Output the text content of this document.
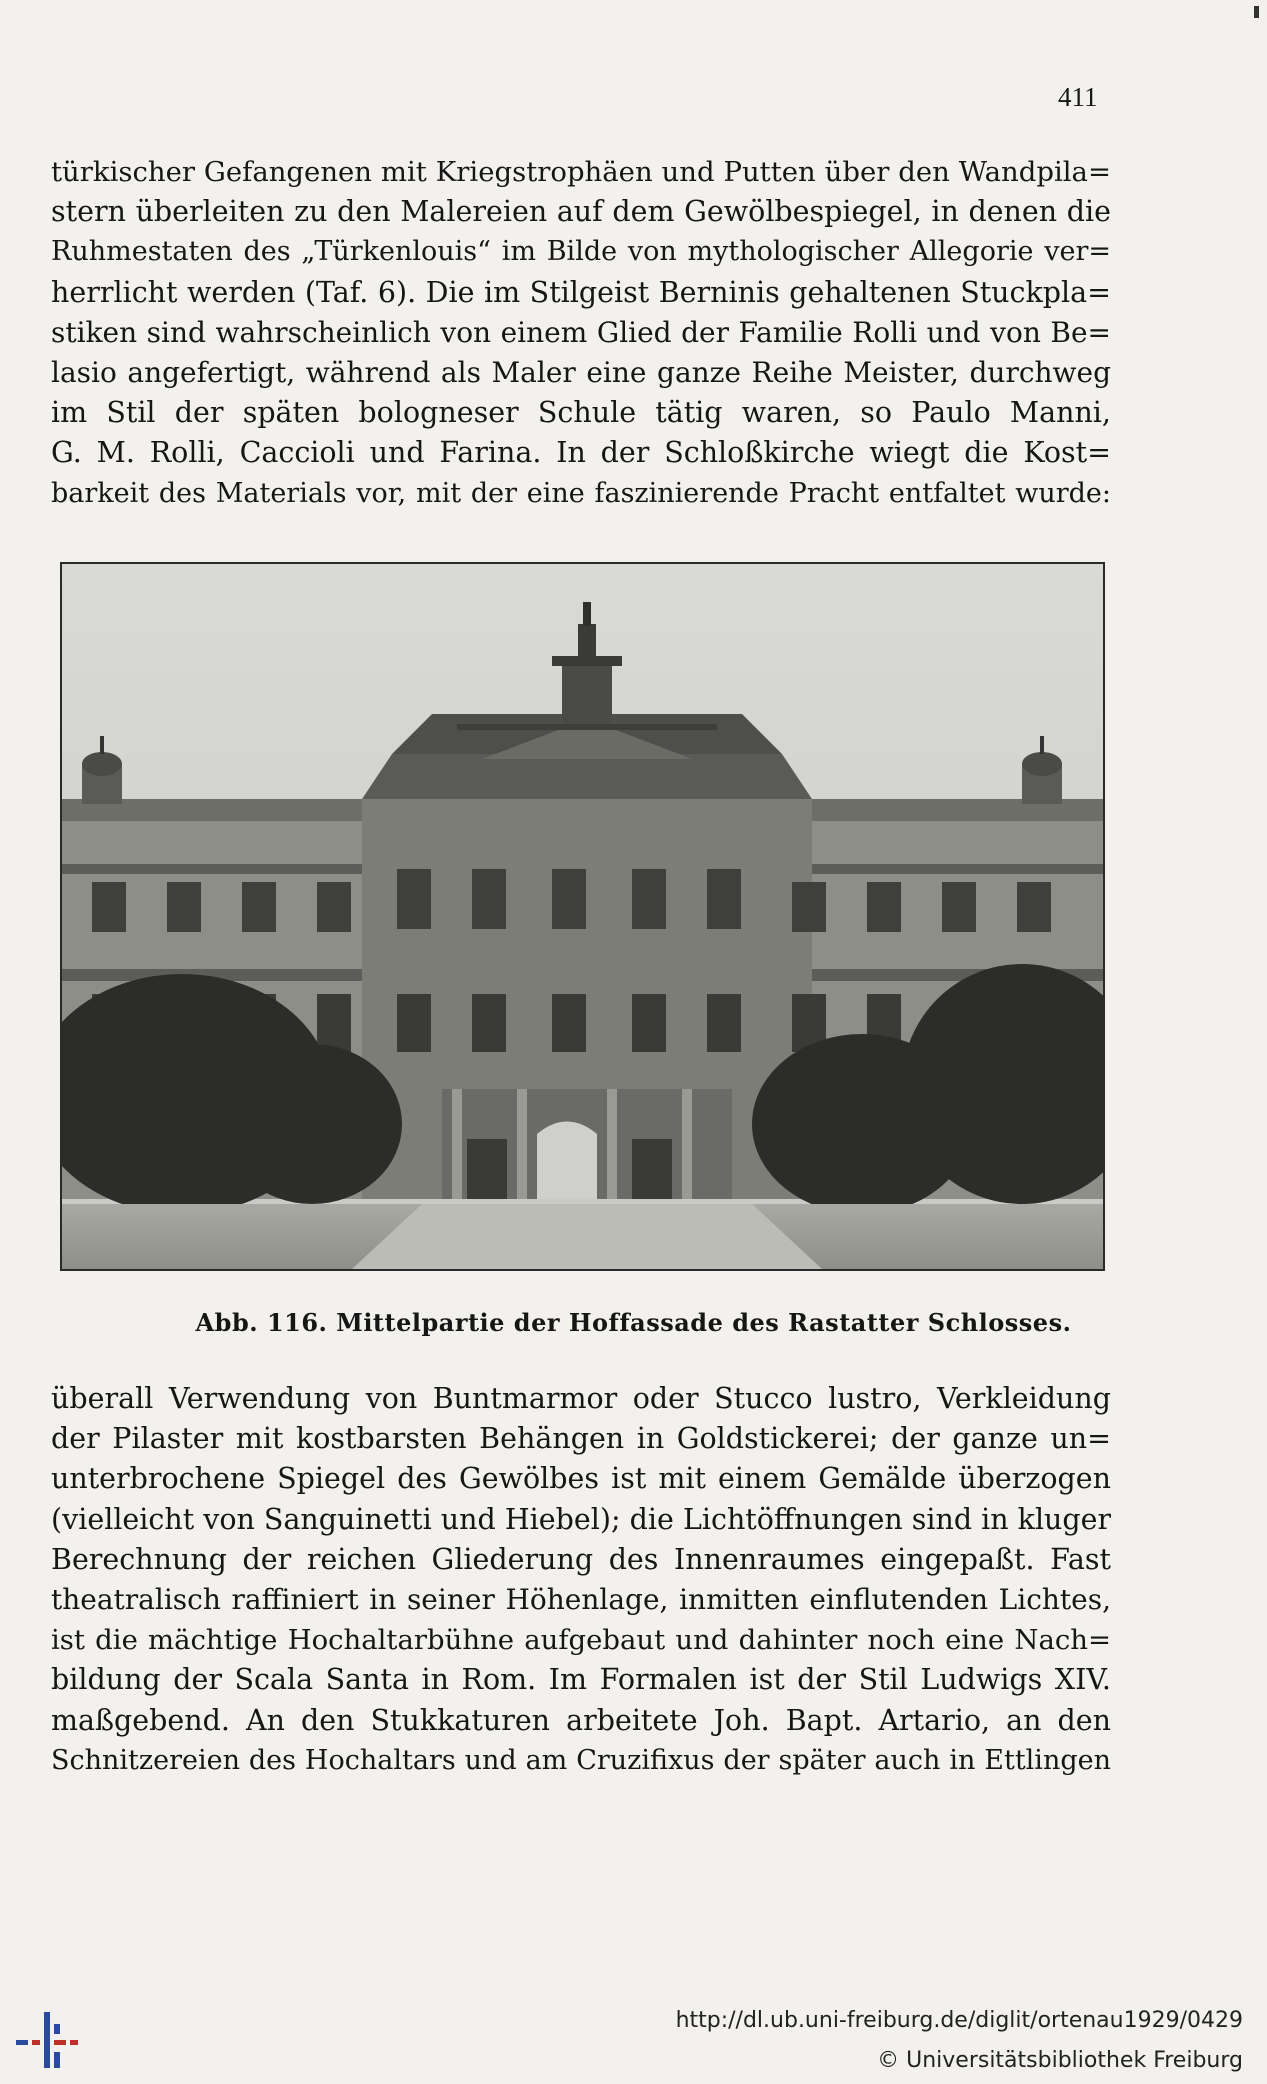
411
türkischer Gefangenen mit Kriegstrophäen und Putten über den Wandpila=
stern überleiten zu den Malereien auf dem Gewölbespiegel, in denen die
Ruhmestaten des „Türkenlouis“ im Bilde von mythologischer Allegorie ver=
herrlicht werden (Taf. 6). Die im Stilgeist Berninis gehaltenen Stuckpla=
stiken sind wahrscheinlich von einem Glied der Familie Rolli und von Be=
lasio angefertigt, während als Maler eine ganze Reihe Meister, durchweg
im Stil der späten bologneser Schule tätig waren, so Paulo Manni,
G. M. Rolli, Caccioli und Farina. In der Schloßkirche wiegt die Kost=
barkeit des Materials vor, mit der eine faszinierende Pracht entfaltet wurde:
Abb. 116. Mittelpartie der Hoffassade des Rastatter Schlosses.
überall Verwendung von Buntmarmor oder Stucco lustro, Verkleidung
der Pilaster mit kostbarsten Behängen in Goldstickerei; der ganze un=
unterbrochene Spiegel des Gewölbes ist mit einem Gemälde überzogen
(vielleicht von Sanguinetti und Hiebel); die Lichtöffnungen sind in kluger
Berechnung der reichen Gliederung des Innenraumes eingepaßt. Fast
theatralisch raffiniert in seiner Höhenlage, inmitten einflutenden Lichtes,
ist die mächtige Hochaltarbühne aufgebaut und dahinter noch eine Nach=
bildung der Scala Santa in Rom. Im Formalen ist der Stil Ludwigs XIV.
maßgebend. An den Stukkaturen arbeitete Joh. Bapt. Artario, an den
Schnitzereien des Hochaltars und am Cruzifixus der später auch in Ettlingen
http://dl.ub.uni-freiburg.de/diglit/ortenau1929/0429
© Universitätsbibliothek Freiburg
